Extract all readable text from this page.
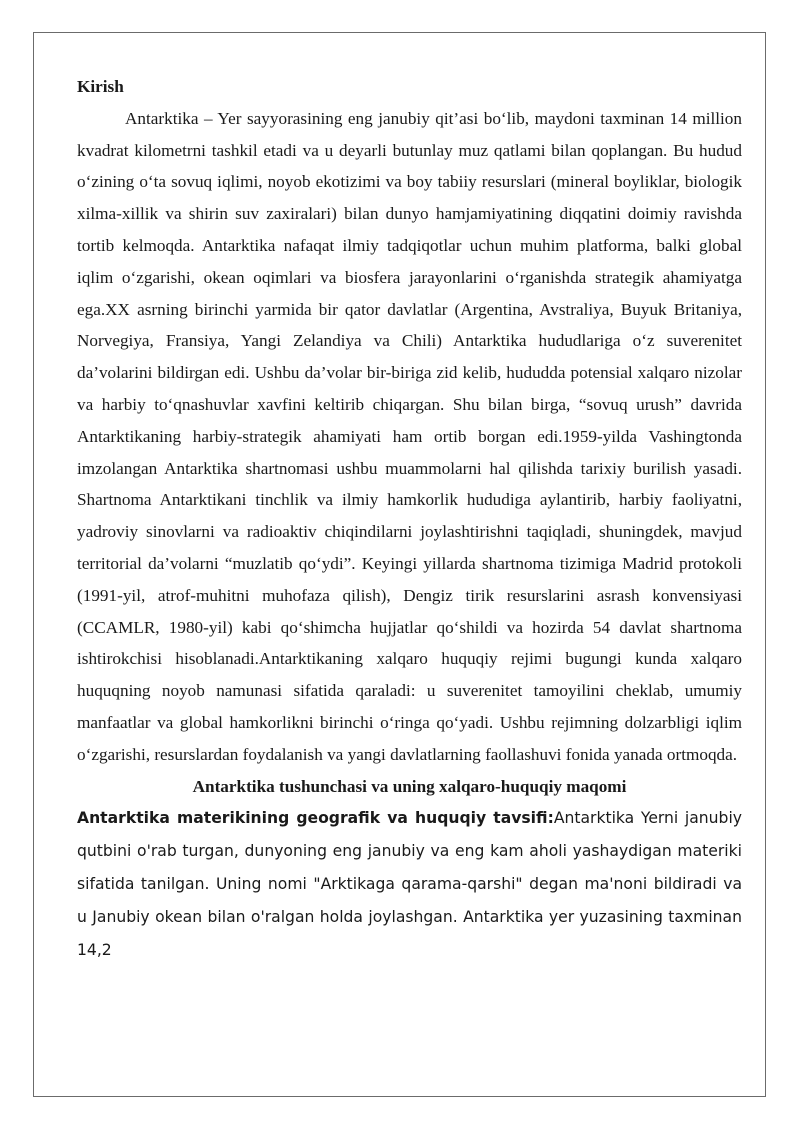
Kirish

Antarktika – Yer sayyorasining eng janubiy qit’asi bo‘lib, maydoni taxminan 14 million kvadrat kilometrni tashkil etadi va u deyarli butunlay muz qatlami bilan qoplangan. Bu hudud o‘zining o‘ta sovuq iqlimi, noyob ekotizimi va boy tabiiy resurslari (mineral boyliklar, biologik xilma-xillik va shirin suv zaxiralari) bilan dunyo hamjamiyatining diqqatini doimiy ravishda tortib kelmoqda. Antarktika nafaqat ilmiy tadqiqotlar uchun muhim platforma, balki global iqlim o‘zgarishi, okean oqimlari va biosfera jarayonlarini o‘rganishda strategik ahamiyatga ega.XX asrning birinchi yarmida bir qator davlatlar (Argentina, Avstraliya, Buyuk Britaniya, Norvegiya, Fransiya, Yangi Zelandiya va Chili) Antarktika hududlariga o‘z suverenitet da’volarini bildirgan edi. Ushbu da’volar bir-biriga zid kelib, hududda potensial xalqaro nizolar va harbiy to‘qnashuvlar xavfini keltirib chiqargan. Shu bilan birga, “sovuq urush” davrida Antarktikaning harbiy-strategik ahamiyati ham ortib borgan edi.1959-yilda Vashingtonda imzolangan Antarktika shartnomasi ushbu muammolarni hal qilishda tarixiy burilish yasadi. Shartnoma Antarktikani tinchlik va ilmiy hamkorlik hududiga aylantirib, harbiy faoliyatni, yadroviy sinovlarni va radioaktiv chiqindilarni joylashtirishni taqiqladi, shuningdek, mavjud territorial da’volarni “muzlatib qo‘ydi”. Keyingi yillarda shartnoma tizimiga Madrid protokoli (1991-yil, atrof-muhitni muhofaza qilish), Dengiz tirik resurslarini asrash konvensiyasi (CCAMLR, 1980-yil) kabi qo‘shimcha hujjatlar qo‘shildi va hozirda 54 davlat shartnoma ishtirokchisi hisoblanadi.Antarktikaning xalqaro huquqiy rejimi bugungi kunda xalqaro huquqning noyob namunasi sifatida qaraladi: u suverenitet tamoyilini cheklab, umumiy manfaatlar va global hamkorlikni birinchi o‘ringa qo‘yadi. Ushbu rejimning dolzarbligi iqlim o‘zgarishi, resurslardan foydalanish va yangi davlatlarning faollashuvi fonida yanada ortmoqda.

Antarktika tushunchasi va uning xalqaro-huquqiy maqomi

Antarktika materikining geografik va huquqiy tavsifi:Antarktika Yerni janubiy qutbini o'rab turgan, dunyoning eng janubiy va eng kam aholi yashaydigan materiki sifatida tanilgan. Uning nomi "Arktikaga qarama-qarshi" degan ma'noni bildiradi va u Janubiy okean bilan o'ralgan holda joylashgan. Antarktika yer yuzasining taxminan 14,2
